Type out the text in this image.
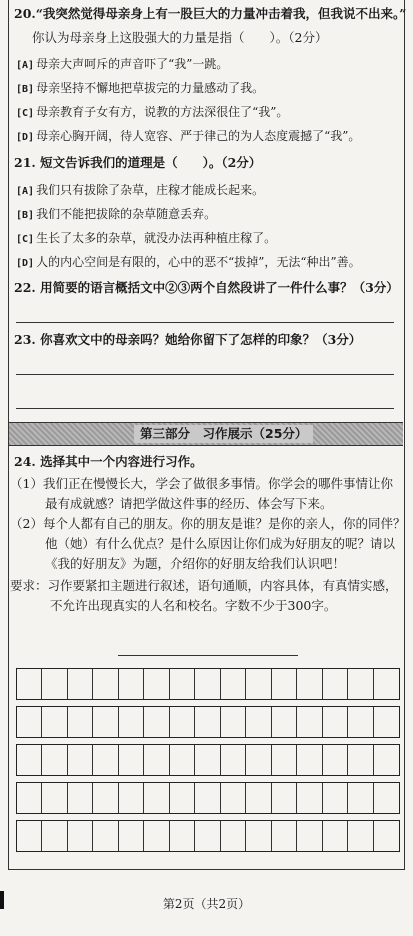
20.“我突然觉得母亲身上有一股巨大的力量冲击着我，但我说不出来。”
你认为母亲身上这股强大的力量是指（　　）。（2分）
[A] 母亲大声呵斥的声音吓了“我”一跳。
[B] 母亲坚持不懈地把草拔完的力量感动了我。
[C] 母亲教育子女有方，说教的方法深很住了“我”。
[D] 母亲心胸开阔，待人宽容、严于律己的为人态度震撼了“我”。
21. 短文告诉我们的道理是（　　）。（2分）
[A] 我们只有拔除了杂草，庄稼才能成长起来。
[B] 我们不能把拔除的杂草随意丢弃。
[C] 生长了太多的杂草，就没办法再种植庄稼了。
[D] 人的内心空间是有限的，心中的恶不“拔掉”，无法“种出”善。
22. 用简要的语言概括文中②③两个自然段讲了一件什么事？（3分）
23. 你喜欢文中的母亲吗？她给你留下了怎样的印象？（3分）
第三部分　习作展示（25分）
24. 选择其中一个内容进行习作。
（1）我们正在慢慢长大，学会了做很多事情。你学会的哪件事情让你
最有成就感？请把学做这件事的经历、体会写下来。
（2）每个人都有自己的朋友。你的朋友是谁？是你的亲人，你的同伴？
他（她）有什么优点？是什么原因让你们成为好朋友的呢？请以
《我的好朋友》为题，介绍你的好朋友给我们认识吧！
要求：习作要紧扣主题进行叙述，语句通顺，内容具体，有真情实感，
不允许出现真实的人名和校名。字数不少于300字。
第2页（共2页）
